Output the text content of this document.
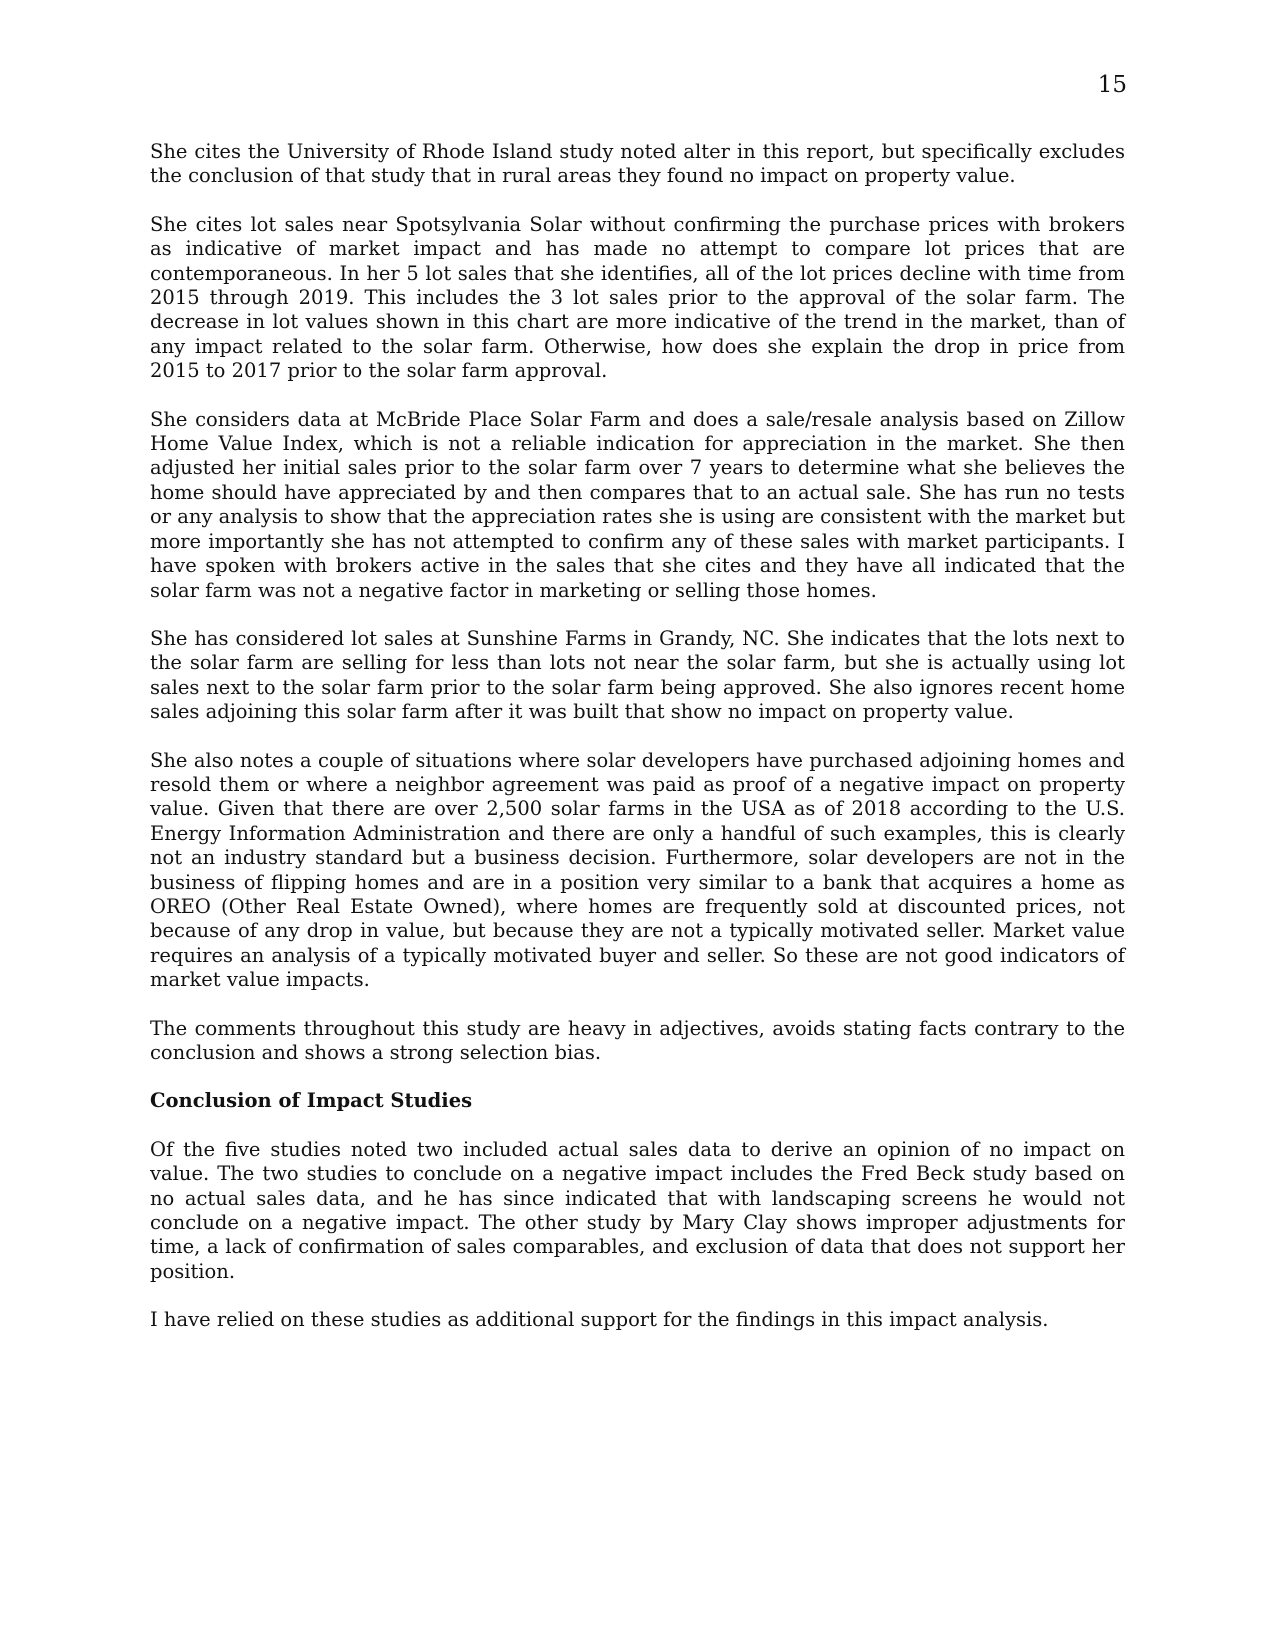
15

She cites the University of Rhode Island study noted alter in this report, but specifically excludes the conclusion of that study that in rural areas they found no impact on property value.

She cites lot sales near Spotsylvania Solar without confirming the purchase prices with brokers as indicative of market impact and has made no attempt to compare lot prices that are contemporaneous. In her 5 lot sales that she identifies, all of the lot prices decline with time from 2015 through 2019. This includes the 3 lot sales prior to the approval of the solar farm. The decrease in lot values shown in this chart are more indicative of the trend in the market, than of any impact related to the solar farm. Otherwise, how does she explain the drop in price from 2015 to 2017 prior to the solar farm approval.

She considers data at McBride Place Solar Farm and does a sale/resale analysis based on Zillow Home Value Index, which is not a reliable indication for appreciation in the market. She then adjusted her initial sales prior to the solar farm over 7 years to determine what she believes the home should have appreciated by and then compares that to an actual sale. She has run no tests or any analysis to show that the appreciation rates she is using are consistent with the market but more importantly she has not attempted to confirm any of these sales with market participants. I have spoken with brokers active in the sales that she cites and they have all indicated that the solar farm was not a negative factor in marketing or selling those homes.

She has considered lot sales at Sunshine Farms in Grandy, NC. She indicates that the lots next to the solar farm are selling for less than lots not near the solar farm, but she is actually using lot sales next to the solar farm prior to the solar farm being approved. She also ignores recent home sales adjoining this solar farm after it was built that show no impact on property value.

She also notes a couple of situations where solar developers have purchased adjoining homes and resold them or where a neighbor agreement was paid as proof of a negative impact on property value. Given that there are over 2,500 solar farms in the USA as of 2018 according to the U.S. Energy Information Administration and there are only a handful of such examples, this is clearly not an industry standard but a business decision. Furthermore, solar developers are not in the business of flipping homes and are in a position very similar to a bank that acquires a home as OREO (Other Real Estate Owned), where homes are frequently sold at discounted prices, not because of any drop in value, but because they are not a typically motivated seller. Market value requires an analysis of a typically motivated buyer and seller. So these are not good indicators of market value impacts.

The comments throughout this study are heavy in adjectives, avoids stating facts contrary to the conclusion and shows a strong selection bias.

Conclusion of Impact Studies

Of the five studies noted two included actual sales data to derive an opinion of no impact on value. The two studies to conclude on a negative impact includes the Fred Beck study based on no actual sales data, and he has since indicated that with landscaping screens he would not conclude on a negative impact. The other study by Mary Clay shows improper adjustments for time, a lack of confirmation of sales comparables, and exclusion of data that does not support her position.

I have relied on these studies as additional support for the findings in this impact analysis.
